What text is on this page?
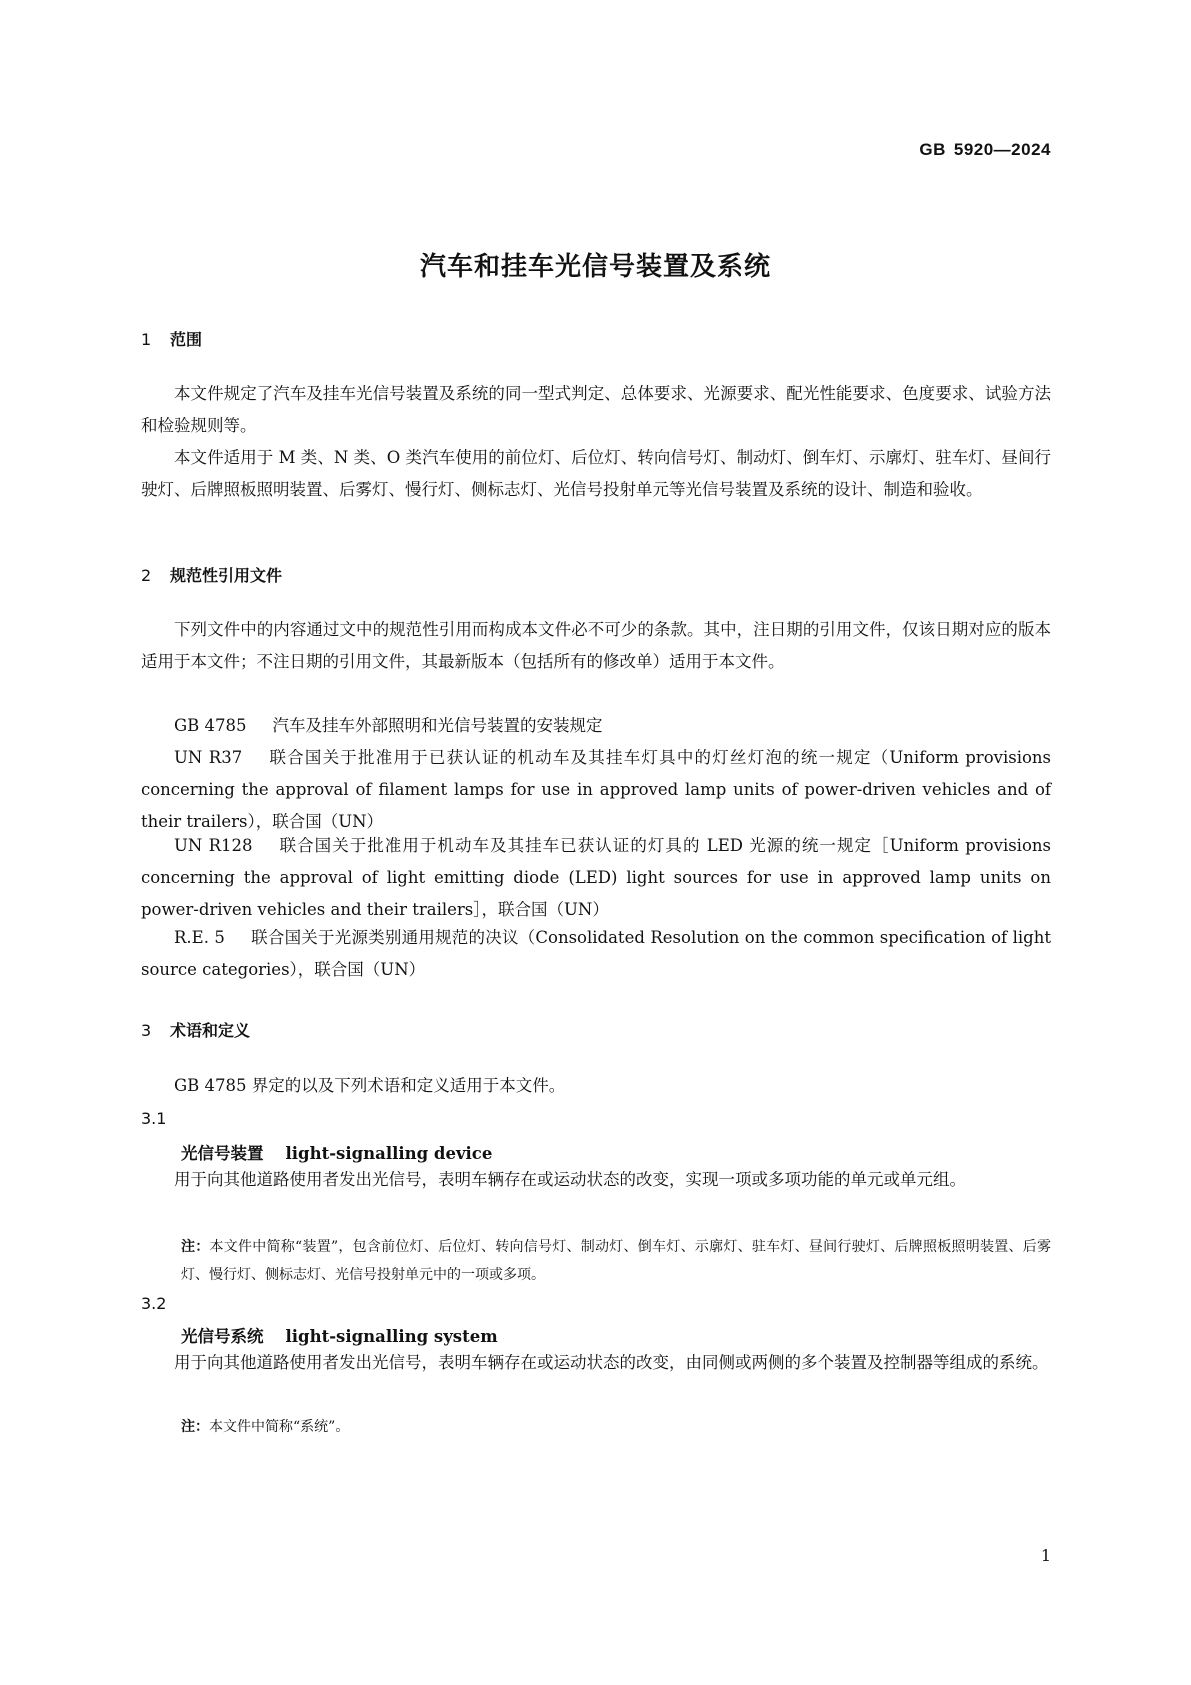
GB 5920—2024
汽车和挂车光信号装置及系统
1 范围

本文件规定了汽车及挂车光信号装置及系统的同一型式判定、总体要求、光源要求、配光性能要求、色度要求、试验方法和检验规则等。

本文件适用于 M 类、N 类、O 类汽车使用的前位灯、后位灯、转向信号灯、制动灯、倒车灯、示廓灯、驻车灯、昼间行驶灯、后牌照板照明装置、后雾灯、慢行灯、侧标志灯、光信号投射单元等光信号装置及系统的设计、制造和验收。

2 规范性引用文件

下列文件中的内容通过文中的规范性引用而构成本文件必不可少的条款。其中，注日期的引用文件，仅该日期对应的版本适用于本文件；不注日期的引用文件，其最新版本（包括所有的修改单）适用于本文件。

GB 4785 汽车及挂车外部照明和光信号装置的安装规定

UN R37 联合国关于批准用于已获认证的机动车及其挂车灯具中的灯丝灯泡的统一规定（Uniform provisions concerning the approval of filament lamps for use in approved lamp units of power-driven vehicles and of their trailers），联合国（UN）

UN R128 联合国关于批准用于机动车及其挂车已获认证的灯具的 LED 光源的统一规定［Uniform provisions concerning the approval of light emitting diode (LED) light sources for use in approved lamp units on power-driven vehicles and their trailers］，联合国（UN）

R.E. 5 联合国关于光源类别通用规范的决议（Consolidated Resolution on the common specification of light source categories），联合国（UN）

3 术语和定义

GB 4785 界定的以及下列术语和定义适用于本文件。

3.1
光信号装置 light-signalling device

用于向其他道路使用者发出光信号，表明车辆存在或运动状态的改变，实现一项或多项功能的单元或单元组。

注：本文件中简称“装置”，包含前位灯、后位灯、转向信号灯、制动灯、倒车灯、示廓灯、驻车灯、昼间行驶灯、后牌照板照明装置、后雾灯、慢行灯、侧标志灯、光信号投射单元中的一项或多项。

3.2
光信号系统 light-signalling system

用于向其他道路使用者发出光信号，表明车辆存在或运动状态的改变，由同侧或两侧的多个装置及控制器等组成的系统。

注：本文件中简称“系统”。

1
